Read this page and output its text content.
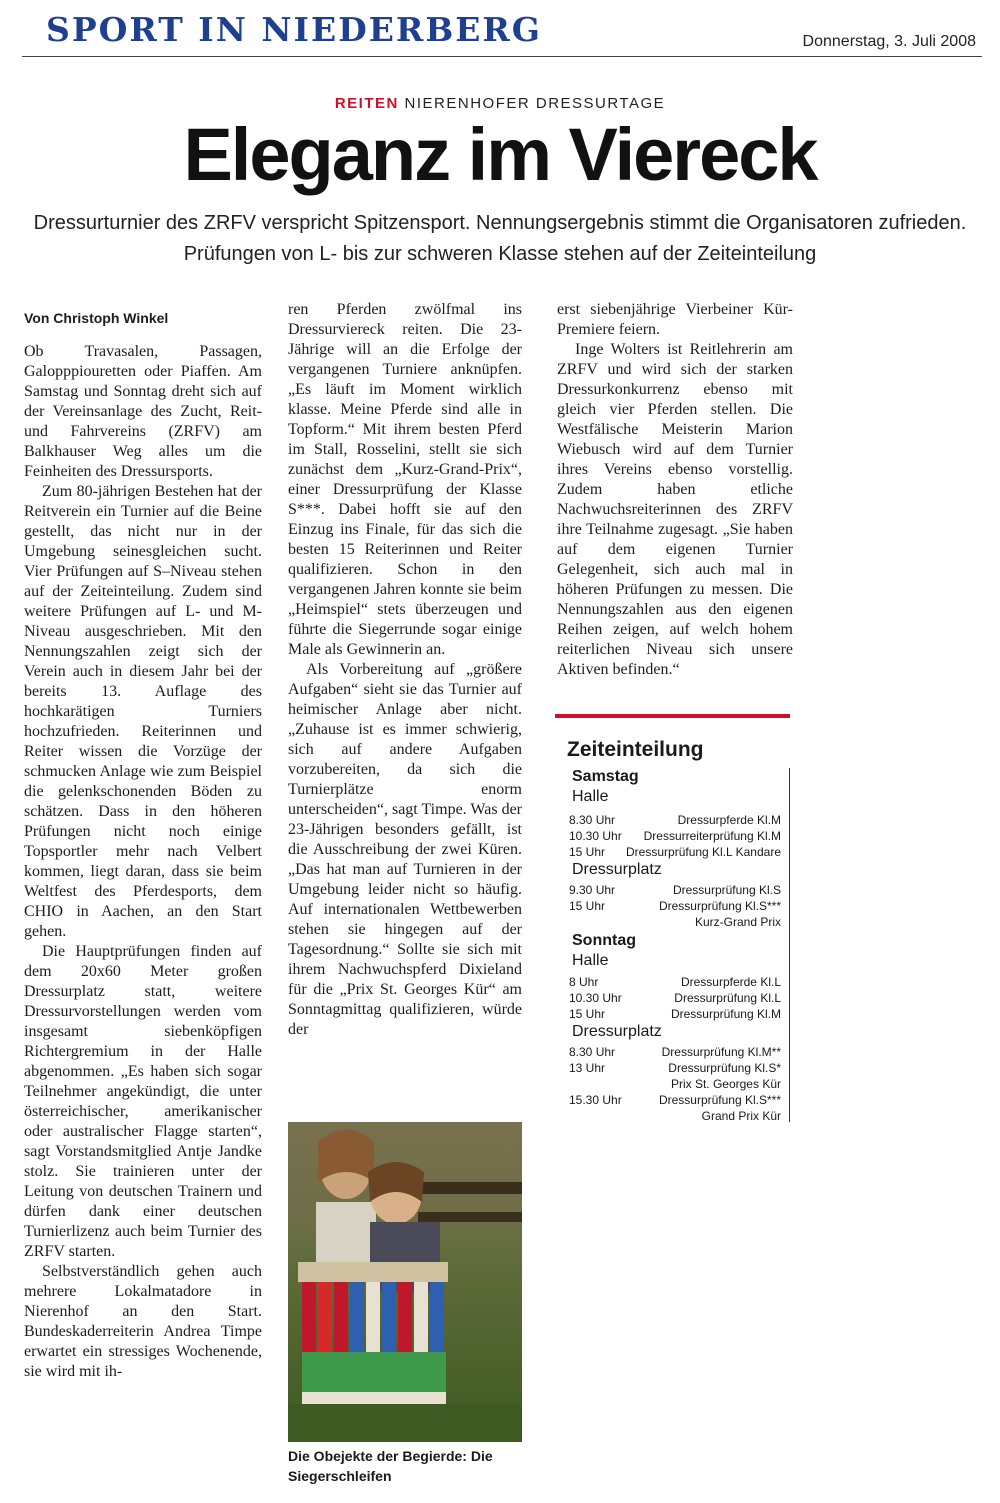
SPORT IN NIEDERBERG	Donnerstag, 3. Juli 2008
REITEN NIERENHOFER DRESSURTAGE
Eleganz im Viereck
Dressurturnier des ZRFV verspricht Spitzensport. Nennungsergebnis stimmt die Organisatoren zufrieden.
Prüfungen von L- bis zur schweren Klasse stehen auf der Zeiteinteilung

Von Christoph Winkel

Ob Travasalen, Passagen, Galopppiouretten oder Piaffen. Am Samstag und Sonntag dreht sich auf der Vereinsanlage des Zucht, Reit- und Fahrvereins (ZRFV) am Balkhauser Weg alles um die Feinheiten des Dressursports.

Zum 80-jährigen Bestehen hat der Reitverein ein Turnier auf die Beine gestellt, das nicht nur in der Umgebung seinesgleichen sucht. Vier Prüfungen auf S–Niveau stehen auf der Zeiteinteilung. Zudem sind weitere Prüfungen auf L- und M-Niveau ausgeschrieben. Mit den Nennungszahlen zeigt sich der Verein auch in diesem Jahr bei der bereits 13. Auflage des hochkarätigen Turniers hochzufrieden. Reiterinnen und Reiter wissen die Vorzüge der schmucken Anlage wie zum Beispiel die gelenkschonenden Böden zu schätzen. Dass in den höheren Prüfungen nicht noch einige Topsportler mehr nach Velbert kommen, liegt daran, dass sie beim Weltfest des Pferdesports, dem CHIO in Aachen, an den Start gehen.

Die Hauptprüfungen finden auf dem 20x60 Meter großen Dressurplatz statt, weitere Dressurvorstellungen werden vom insgesamt siebenköpfigen Richtergremium in der Halle abgenommen. „Es haben sich sogar Teilnehmer angekündigt, die unter österreichischer, amerikanischer oder australischer Flagge starten“, sagt Vorstandsmitglied Antje Jandke stolz. Sie trainieren unter der Leitung von deutschen Trainern und dürfen dank einer deutschen Turnierlizenz auch beim Turnier des ZRFV starten.

Selbstverständlich gehen auch mehrere Lokalmatadore in Nierenhof an den Start. Bundeskaderreiterin Andrea Timpe erwartet ein stressiges Wochenende, sie wird mit ih-

ren Pferden zwölfmal ins Dressurviereck reiten. Die 23-Jährige will an die Erfolge der vergangenen Turniere anknüpfen. „Es läuft im Moment wirklich klasse. Meine Pferde sind alle in Topform.“ Mit ihrem besten Pferd im Stall, Rosselini, stellt sie sich zunächst dem „Kurz-Grand-Prix“, einer Dressurprüfung der Klasse S***. Dabei hofft sie auf den Einzug ins Finale, für das sich die besten 15 Reiterinnen und Reiter qualifizieren. Schon in den vergangenen Jahren konnte sie beim „Heimspiel“ stets überzeugen und führte die Siegerrunde sogar einige Male als Gewinnerin an.

Als Vorbereitung auf „größere Aufgaben“ sieht sie das Turnier auf heimischer Anlage aber nicht. „Zuhause ist es immer schwierig, sich auf andere Aufgaben vorzubereiten, da sich die Turnierplätze enorm unterscheiden“, sagt Timpe. Was der 23-Jährigen besonders gefällt, ist die Ausschreibung der zwei Küren. „Das hat man auf Turnieren in der Umgebung leider nicht so häufig. Auf internationalen Wettbewerben stehen sie hingegen auf der Tagesordnung.“ Sollte sie sich mit ihrem Nachwuchspferd Dixieland für die „Prix St. Georges Kür“ am Sonntagmittag qualifizieren, würde der

Die Obejekte der Begierde: Die Siegerschleifen

erst siebenjährige Vierbeiner Kür-Premiere feiern.

Inge Wolters ist Reitlehrerin am ZRFV und wird sich der starken Dressurkonkurrenz ebenso mit gleich vier Pferden stellen. Die Westfälische Meisterin Marion Wiebusch wird auf dem Turnier ihres Vereins ebenso vorstellig. Zudem haben etliche Nachwuchsreiterinnen des ZRFV ihre Teilnahme zugesagt. „Sie haben auf dem eigenen Turnier Gelegenheit, sich auch mal in höheren Prüfungen zu messen. Die Nennungszahlen aus den eigenen Reihen zeigen, auf welch hohem reiterlichen Niveau sich unsere Aktiven befinden.“

Zeiteinteilung
Samstag
Halle
8.30 Uhr	Dressurpferde Kl.M
10.30 Uhr Dressurreiterprüfung Kl.M
15 Uhr Dressurprüfung Kl.L Kandare
Dressurplatz
9.30 Uhr	Dressurprüfung Kl.S
15 Uhr	Dressurprüfung Kl.S***
Kurz-Grand Prix
Sonntag
Halle
8 Uhr	Dressurpferde Kl.L
10.30 Uhr	Dressurprüfung Kl.L
15 Uhr	Dressurprüfung Kl.M
Dressurplatz
8.30 Uhr	Dressurprüfung Kl.M**
13 Uhr	Dressurprüfung Kl.S*
Prix St. Georges Kür
15.30 Uhr	Dressurprüfung Kl.S***
Grand Prix Kür
